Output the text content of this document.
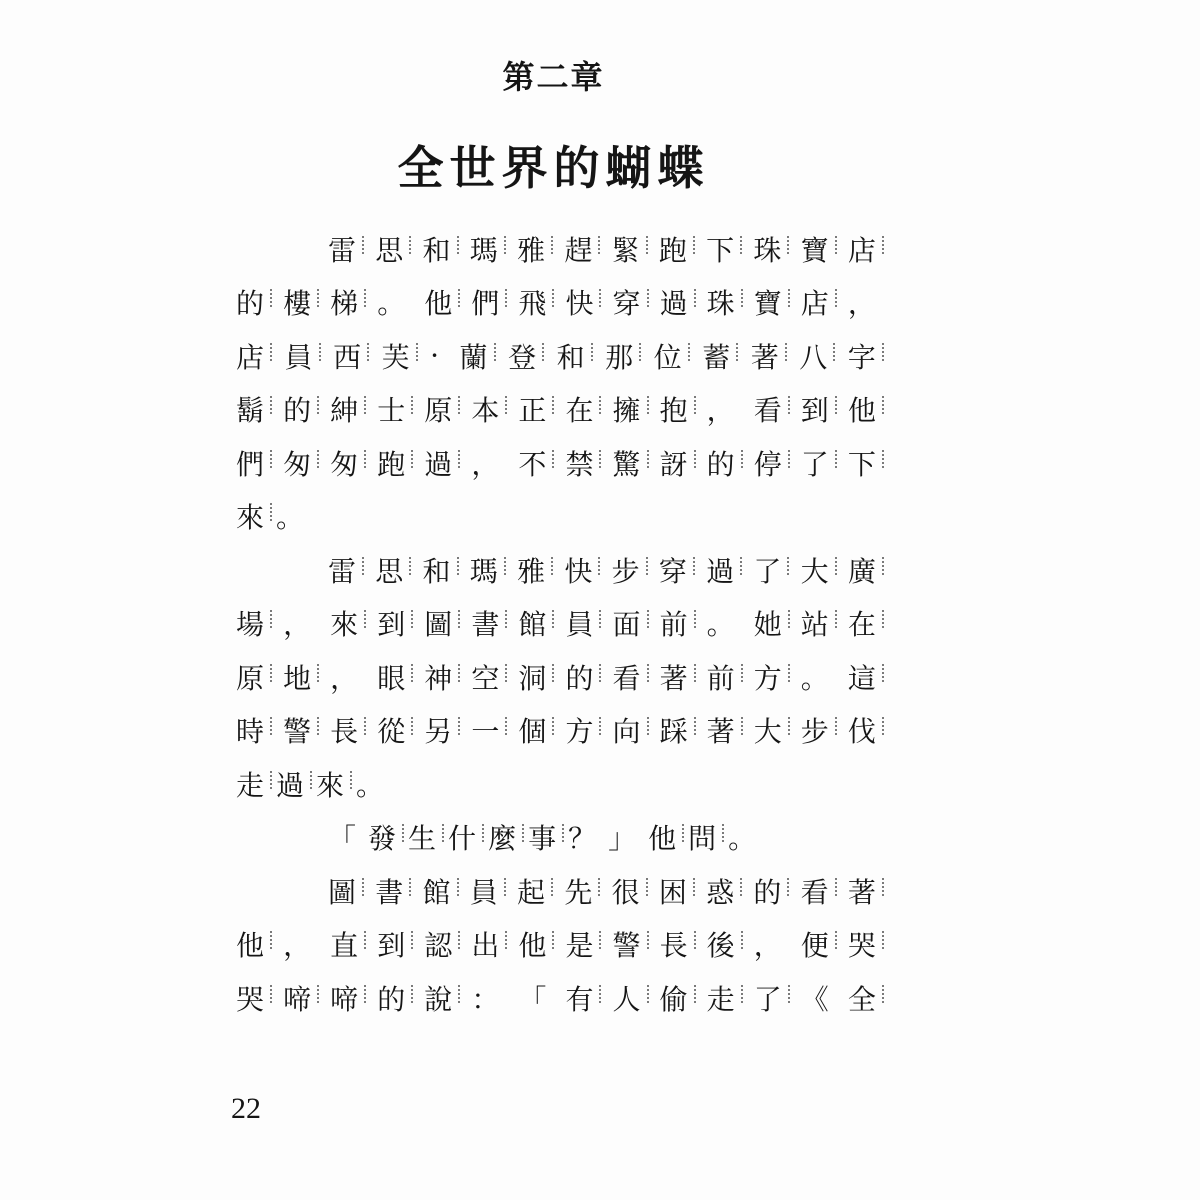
第二章
全世界的蝴蝶
雷 思 和 瑪 雅 趕 緊 跑 下 珠 寶 店
的 樓 梯 。 他 們 飛 快 穿 過 珠 寶 店 ，
店 員 西 芙 · 蘭 登 和 那 位 蓄 著 八 字
鬍 的 紳 士 原 本 正 在 擁 抱 ， 看 到 他
們 匆 匆 跑 過 ， 不 禁 驚 訝 的 停 了 下
來 。
雷 思 和 瑪 雅 快 步 穿 過 了 大 廣
場 ， 來 到 圖 書 館 員 面 前 。 她 站 在
原 地 ， 眼 神 空 洞 的 看 著 前 方 。 這
時 警 長 從 另 一 個 方 向 踩 著 大 步 伐
走 過 來 。
「 發 生 什 麼 事 ？ 」 他 問 。
圖 書 館 員 起 先 很 困 惑 的 看 著
他 ， 直 到 認 出 他 是 警 長 後 ， 便 哭
哭 啼 啼 的 說 ： 「 有 人 偷 走 了 《 全
22
